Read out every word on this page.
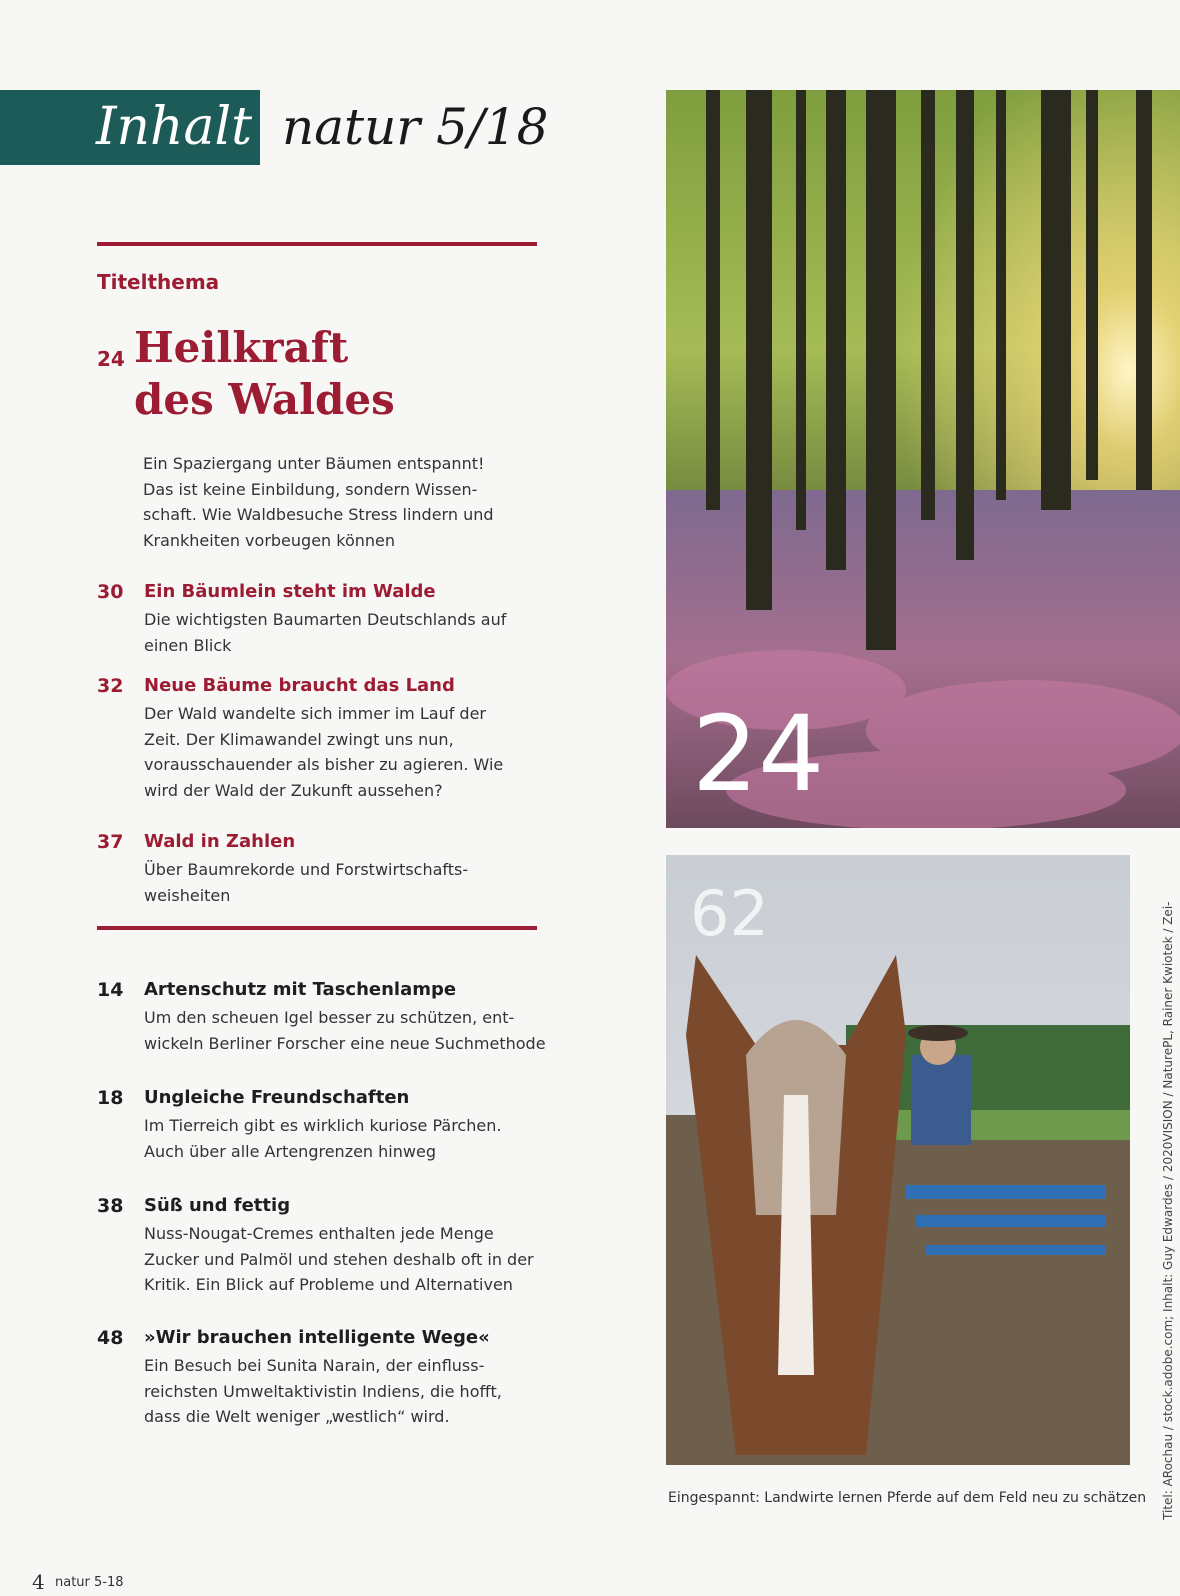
Inhalt natur 5/18
Titelthema
24 Heilkraft
des Waldes
Ein Spaziergang unter Bäumen entspannt!
Das ist keine Einbildung, sondern Wissen-
schaft. Wie Waldbesuche Stress lindern und
Krankheiten vorbeugen können
30 Ein Bäumlein steht im Walde
Die wichtigsten Baumarten Deutschlands auf
einen Blick
32 Neue Bäume braucht das Land
Der Wald wandelte sich immer im Lauf der
Zeit. Der Klimawandel zwingt uns nun,
vorausschauender als bisher zu agieren. Wie
wird der Wald der Zukunft aussehen?
37 Wald in Zahlen
Über Baumrekorde und Forstwirtschafts-
weisheiten
14 Artenschutz mit Taschenlampe
Um den scheuen Igel besser zu schützen, ent-
wickeln Berliner Forscher eine neue Suchmethode
18 Ungleiche Freundschaften
Im Tierreich gibt es wirklich kuriose Pärchen.
Auch über alle Artengrenzen hinweg
38 Süß und fettig
Nuss-Nougat-Cremes enthalten jede Menge
Zucker und Palmöl und stehen deshalb oft in der
Kritik. Ein Blick auf Probleme und Alternativen
48 »Wir brauchen intelligente Wege«
Ein Besuch bei Sunita Narain, der einfluss-
reichsten Umweltaktivistin Indiens, die hofft,
dass die Welt weniger „westlich“ wird.
24
62
Eingespannt: Landwirte lernen Pferde auf dem Feld neu zu schätzen Titel: ARochau / stock.adobe.com; Inhalt: Guy Edwardes / 2020VISION / NaturePL, Rainer Kwiotek / Zei-
4 natur 5-18
